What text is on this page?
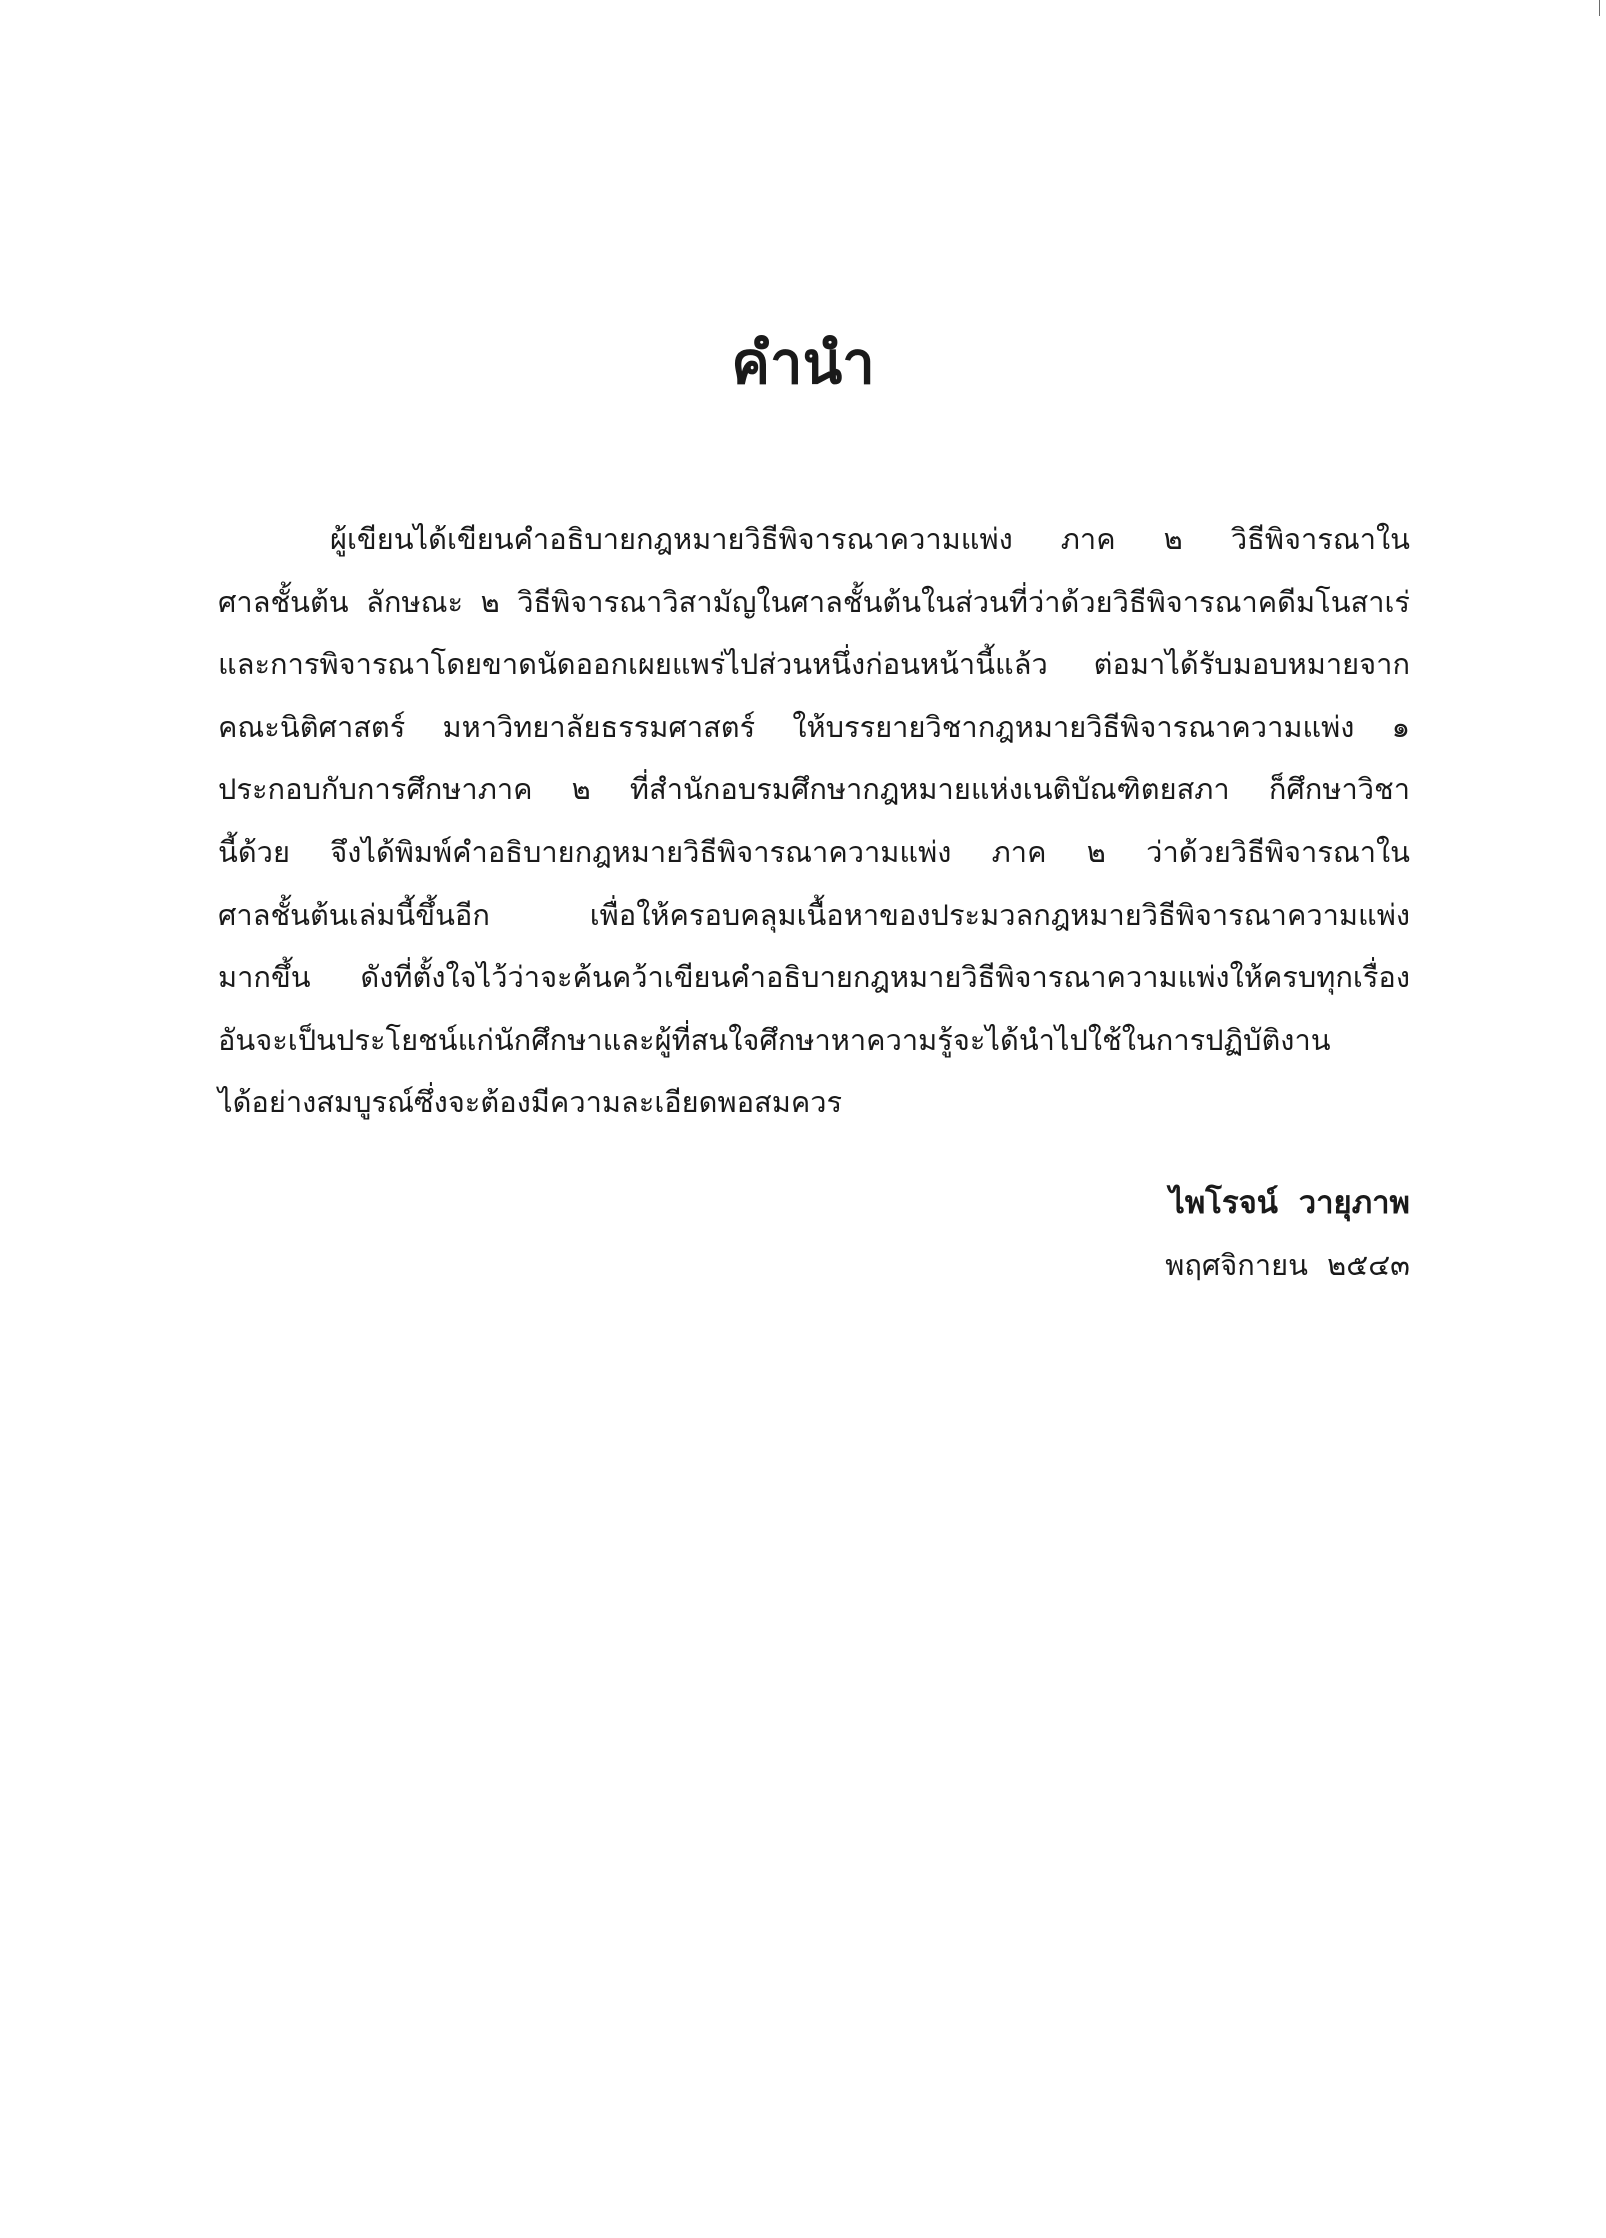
คำนำ
ผู้เขียนได้เขียนคำอธิบายกฎหมายวิธีพิจารณาความแพ่ง ภาค ๒ วิธีพิจารณาใน
ศาลชั้นต้น ลักษณะ ๒ วิธีพิจารณาวิสามัญในศาลชั้นต้นในส่วนที่ว่าด้วยวิธีพิจารณาคดีมโนสาเร่
และการพิจารณาโดยขาดนัดออกเผยแพร่ไปส่วนหนึ่งก่อนหน้านี้แล้ว ต่อมาได้รับมอบหมายจาก
คณะนิติศาสตร์ มหาวิทยาลัยธรรมศาสตร์ ให้บรรยายวิชากฎหมายวิธีพิจารณาความแพ่ง ๑
ประกอบกับการศึกษาภาค ๒ ที่สำนักอบรมศึกษากฎหมายแห่งเนติบัณฑิตยสภา ก็ศึกษาวิชา
นี้ด้วย จึงได้พิมพ์คำอธิบายกฎหมายวิธีพิจารณาความแพ่ง ภาค ๒ ว่าด้วยวิธีพิจารณาใน
ศาลชั้นต้นเล่มนี้ขึ้นอีก เพื่อให้ครอบคลุมเนื้อหาของประมวลกฎหมายวิธีพิจารณาความแพ่ง
มากขึ้น ดังที่ตั้งใจไว้ว่าจะค้นคว้าเขียนคำอธิบายกฎหมายวิธีพิจารณาความแพ่งให้ครบทุกเรื่อง
อันจะเป็นประโยชน์แก่นักศึกษาและผู้ที่สนใจศึกษาหาความรู้จะได้นำไปใช้ในการปฏิบัติงาน
ได้อย่างสมบูรณ์ซึ่งจะต้องมีความละเอียดพอสมควร
ไพโรจน์ วายุภาพ
พฤศจิกายน ๒๕๔๓
